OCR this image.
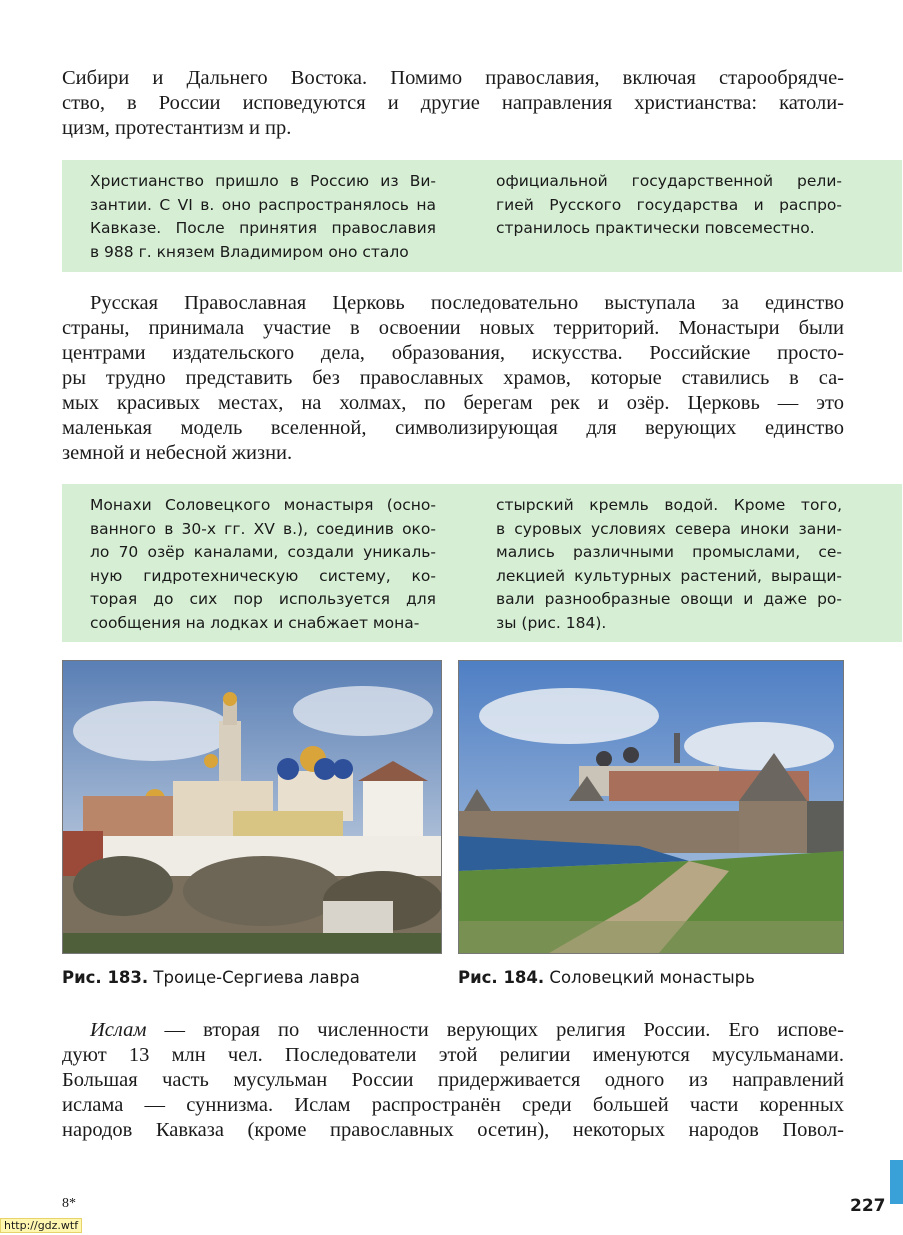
Сибири и Дальнего Востока. Помимо православия, включая старообрядче-
ство, в России исповедуются и другие направления христианства: католи-
цизм, протестантизм и пр.
Христианство пришло в Россию из Ви-
зантии. С VI в. оно распространялось на
Кавказе. После принятия православия
в 988 г. князем Владимиром оно стало
официальной государственной рели-
гией Русского государства и распро-
странилось практически повсеместно.
Русская Православная Церковь последовательно выступала за единство
страны, принимала участие в освоении новых территорий. Монастыри были
центрами издательского дела, образования, искусства. Российские просто-
ры трудно представить без православных храмов, которые ставились в са-
мых красивых местах, на холмах, по берегам рек и озёр. Церковь — это
маленькая модель вселенной, символизирующая для верующих единство
земной и небесной жизни.
Монахи Соловецкого монастыря (осно-
ванного в 30-х гг. XV в.), соединив око-
ло 70 озёр каналами, создали уникаль-
ную гидротехническую систему, ко-
торая до сих пор используется для
сообщения на лодках и снабжает мона-
стырский кремль водой. Кроме того,
в суровых условиях севера иноки зани-
мались различными промыслами, се-
лекцией культурных растений, выращи-
вали разнообразные овощи и даже ро-
зы (рис. 184).
Рис. 183. Троице-Сергиева лавра	Рис. 184. Соловецкий монастырь
Ислам — вторая по численности верующих религия России. Его испове-
дуют 13 млн чел. Последователи этой религии именуются мусульманами.
Большая часть мусульман России придерживается одного из направлений
ислама — суннизма. Ислам распространён среди большей части коренных
народов Кавказа (кроме православных осетин), некоторых народов Повол-
8*	227
http://gdz.wtf
